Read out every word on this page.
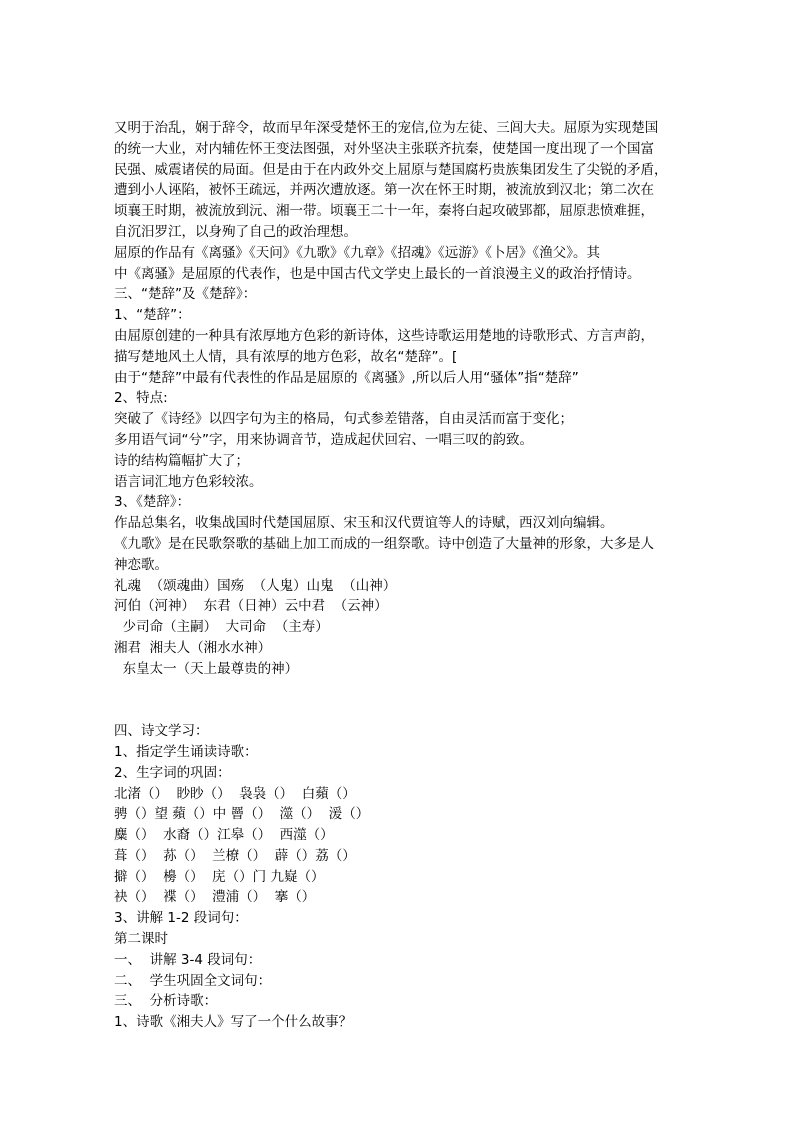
又明于治乱，娴于辞令，故而早年深受楚怀王的宠信,位为左徒、三闾大夫。屈原为实现楚国
的统一大业，对内辅佐怀王变法图强，对外坚决主张联齐抗秦，使楚国一度出现了一个国富
民强、威震诸侯的局面。但是由于在内政外交上屈原与楚国腐朽贵族集团发生了尖锐的矛盾，
遭到小人诬陷，被怀王疏远，并两次遭放逐。第一次在怀王时期，被流放到汉北；第二次在
顷襄王时期，被流放到沅、湘一带。顷襄王二十一年，秦将白起攻破郢都，屈原悲愤难捱，
自沉汨罗江，以身殉了自己的政治理想。
屈原的作品有《离骚》《天问》《九歌》《九章》《招魂》《远游》《卜居》《渔父》。其
中《离骚》是屈原的代表作，也是中国古代文学史上最长的一首浪漫主义的政治抒情诗。
三、“楚辞”及《楚辞》：
1、“楚辞”：
由屈原创建的一种具有浓厚地方色彩的新诗体，这些诗歌运用楚地的诗歌形式、方言声韵，
描写楚地风土人情，具有浓厚的地方色彩，故名“楚辞”。[
由于“楚辞”中最有代表性的作品是屈原的《离骚》,所以后人用“骚体”指“楚辞”
2、特点:
突破了《诗经》以四字句为主的格局，句式参差错落，自由灵活而富于变化；
多用语气词“兮”字，用来协调音节，造成起伏回宕、一唱三叹的韵致。
诗的结构篇幅扩大了；
语言词汇地方色彩较浓。
3、《楚辞》：
作品总集名，收集战国时代楚国屈原、宋玉和汉代贾谊等人的诗赋，西汉刘向编辑。
《九歌》是在民歌祭歌的基础上加工而成的一组祭歌。诗中创造了大量神的形象，大多是人
神恋歌。
礼魂  （颂魂曲）国殇  （人鬼）山鬼  （山神）
河伯（河神）  东君（日神）云中君  （云神）
少司命（主嗣）  大司命  （主寿）
湘君  湘夫人（湘水水神）
东皇太一（天上最尊贵的神）
四、诗文学习：
1、指定学生诵读诗歌：
2、生字词的巩固：
北渚（）  眇眇（）  袅袅（）  白蘋（）
骋（）望 蘋（）中 罾（）  澨（）  湲（）
麋（）  水裔（）江皋（）  西澨（）
葺（）  荪（）  兰橑（）  薜（）荔（）
擗（）  櫋（）  庑（）门 九嶷（）
袂（）  褋（）  澧浦（）  搴（）
3、讲解 1-2 段词句：
第二课时
一、  讲解 3-4 段词句：
二、  学生巩固全文词句：
三、  分析诗歌：
1、诗歌《湘夫人》写了一个什么故事？
